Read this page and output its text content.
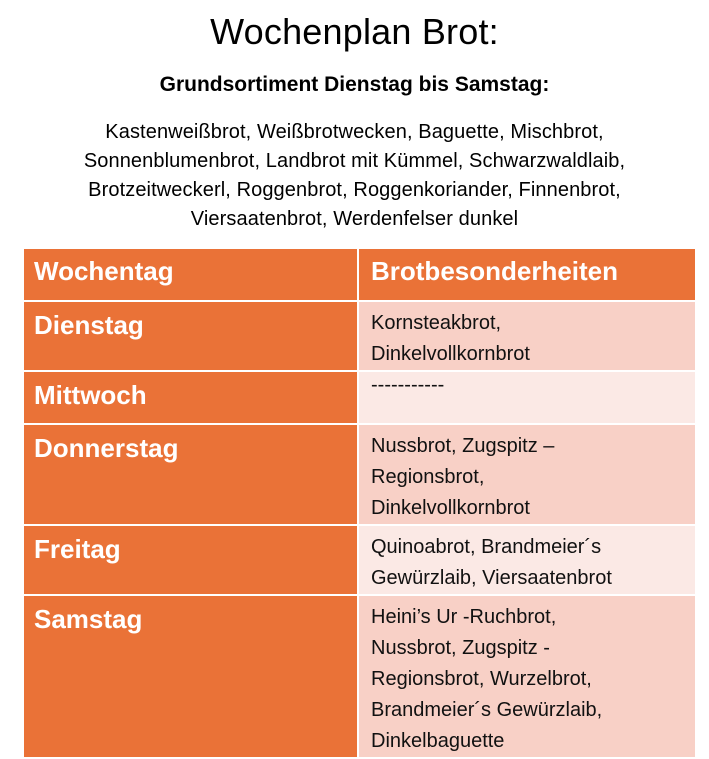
Wochenplan Brot:
Grundsortiment Dienstag bis Samstag:
Kastenweißbrot, Weißbrotwecken, Baguette, Mischbrot,
Sonnenblumenbrot, Landbrot mit Kümmel, Schwarzwaldlaib,
Brotzeitweckerl, Roggenbrot, Roggenkoriander, Finnenbrot,
Viersaatenbrot, Werdenfelser dunkel
Wochentag	Brotbesonderheiten
Dienstag	Kornsteakbrot,
Dinkelvollkornbrot

Mittwoch	-----------

Donnerstag	Nussbrot, Zugspitz –
Regionsbrot,
Dinkelvollkornbrot

Freitag	Quinoabrot, Brandmeier´s
Gewürzlaib, Viersaatenbrot

Samstag	Heini’s Ur -Ruchbrot,
Nussbrot, Zugspitz -
Regionsbrot, Wurzelbrot,
Brandmeier´s Gewürzlaib,
Dinkelbaguette
